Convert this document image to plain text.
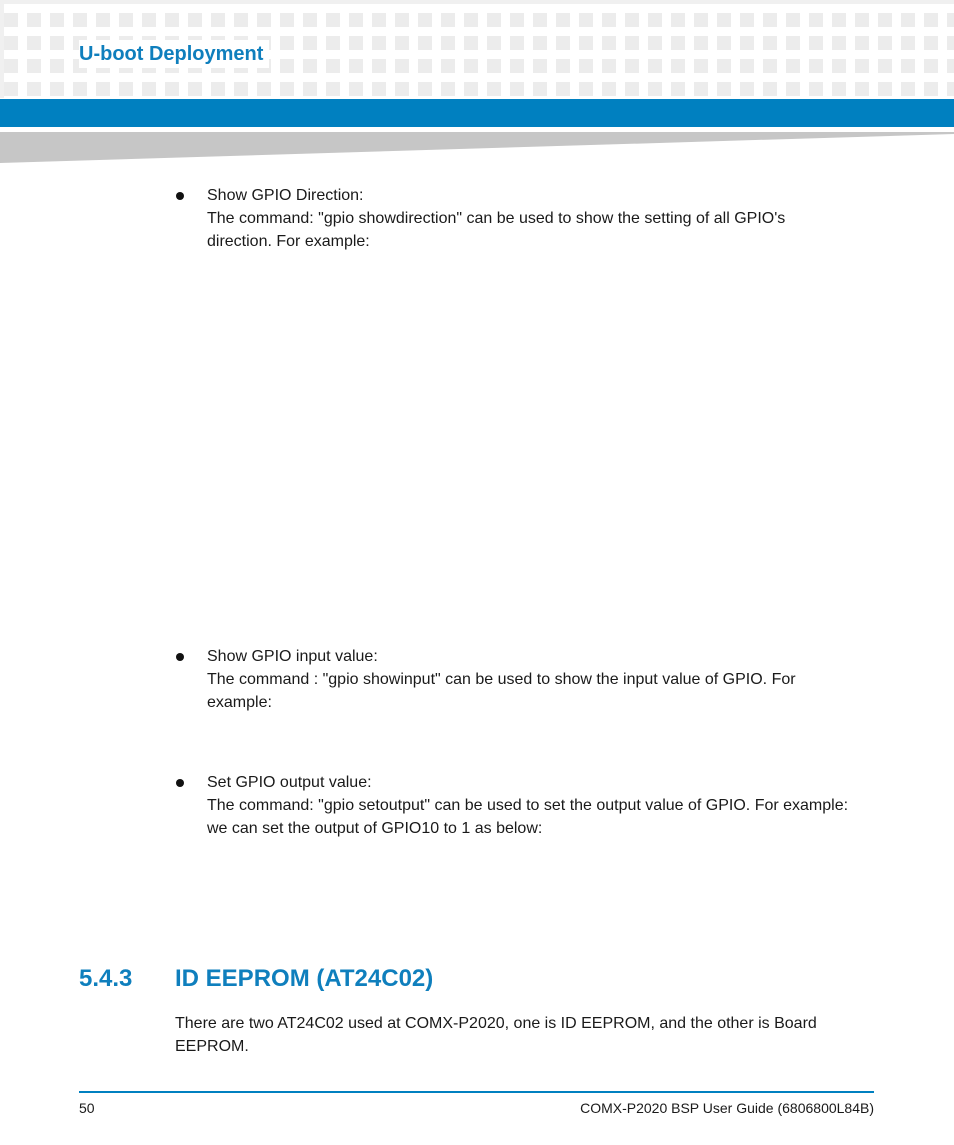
U-boot Deployment

Show GPIO Direction:

The command: "gpio showdirection" can be used to show the setting of all GPIO's

direction. For example:

Show GPIO input value:

The command : "gpio showinput" can be used to show the input value of GPIO. For

example:

Set GPIO output value:

The command: "gpio setoutput" can be used to set the output value of GPIO. For example:

we can set the output of GPIO10 to 1 as below:

5.4.3 ID EEPROM (AT24C02)
There are two AT24C02 used at COMX-P2020, one is ID EEPROM, and the other is Board
EEPROM.
50	COMX-P2020 BSP User Guide (6806800L84B)
